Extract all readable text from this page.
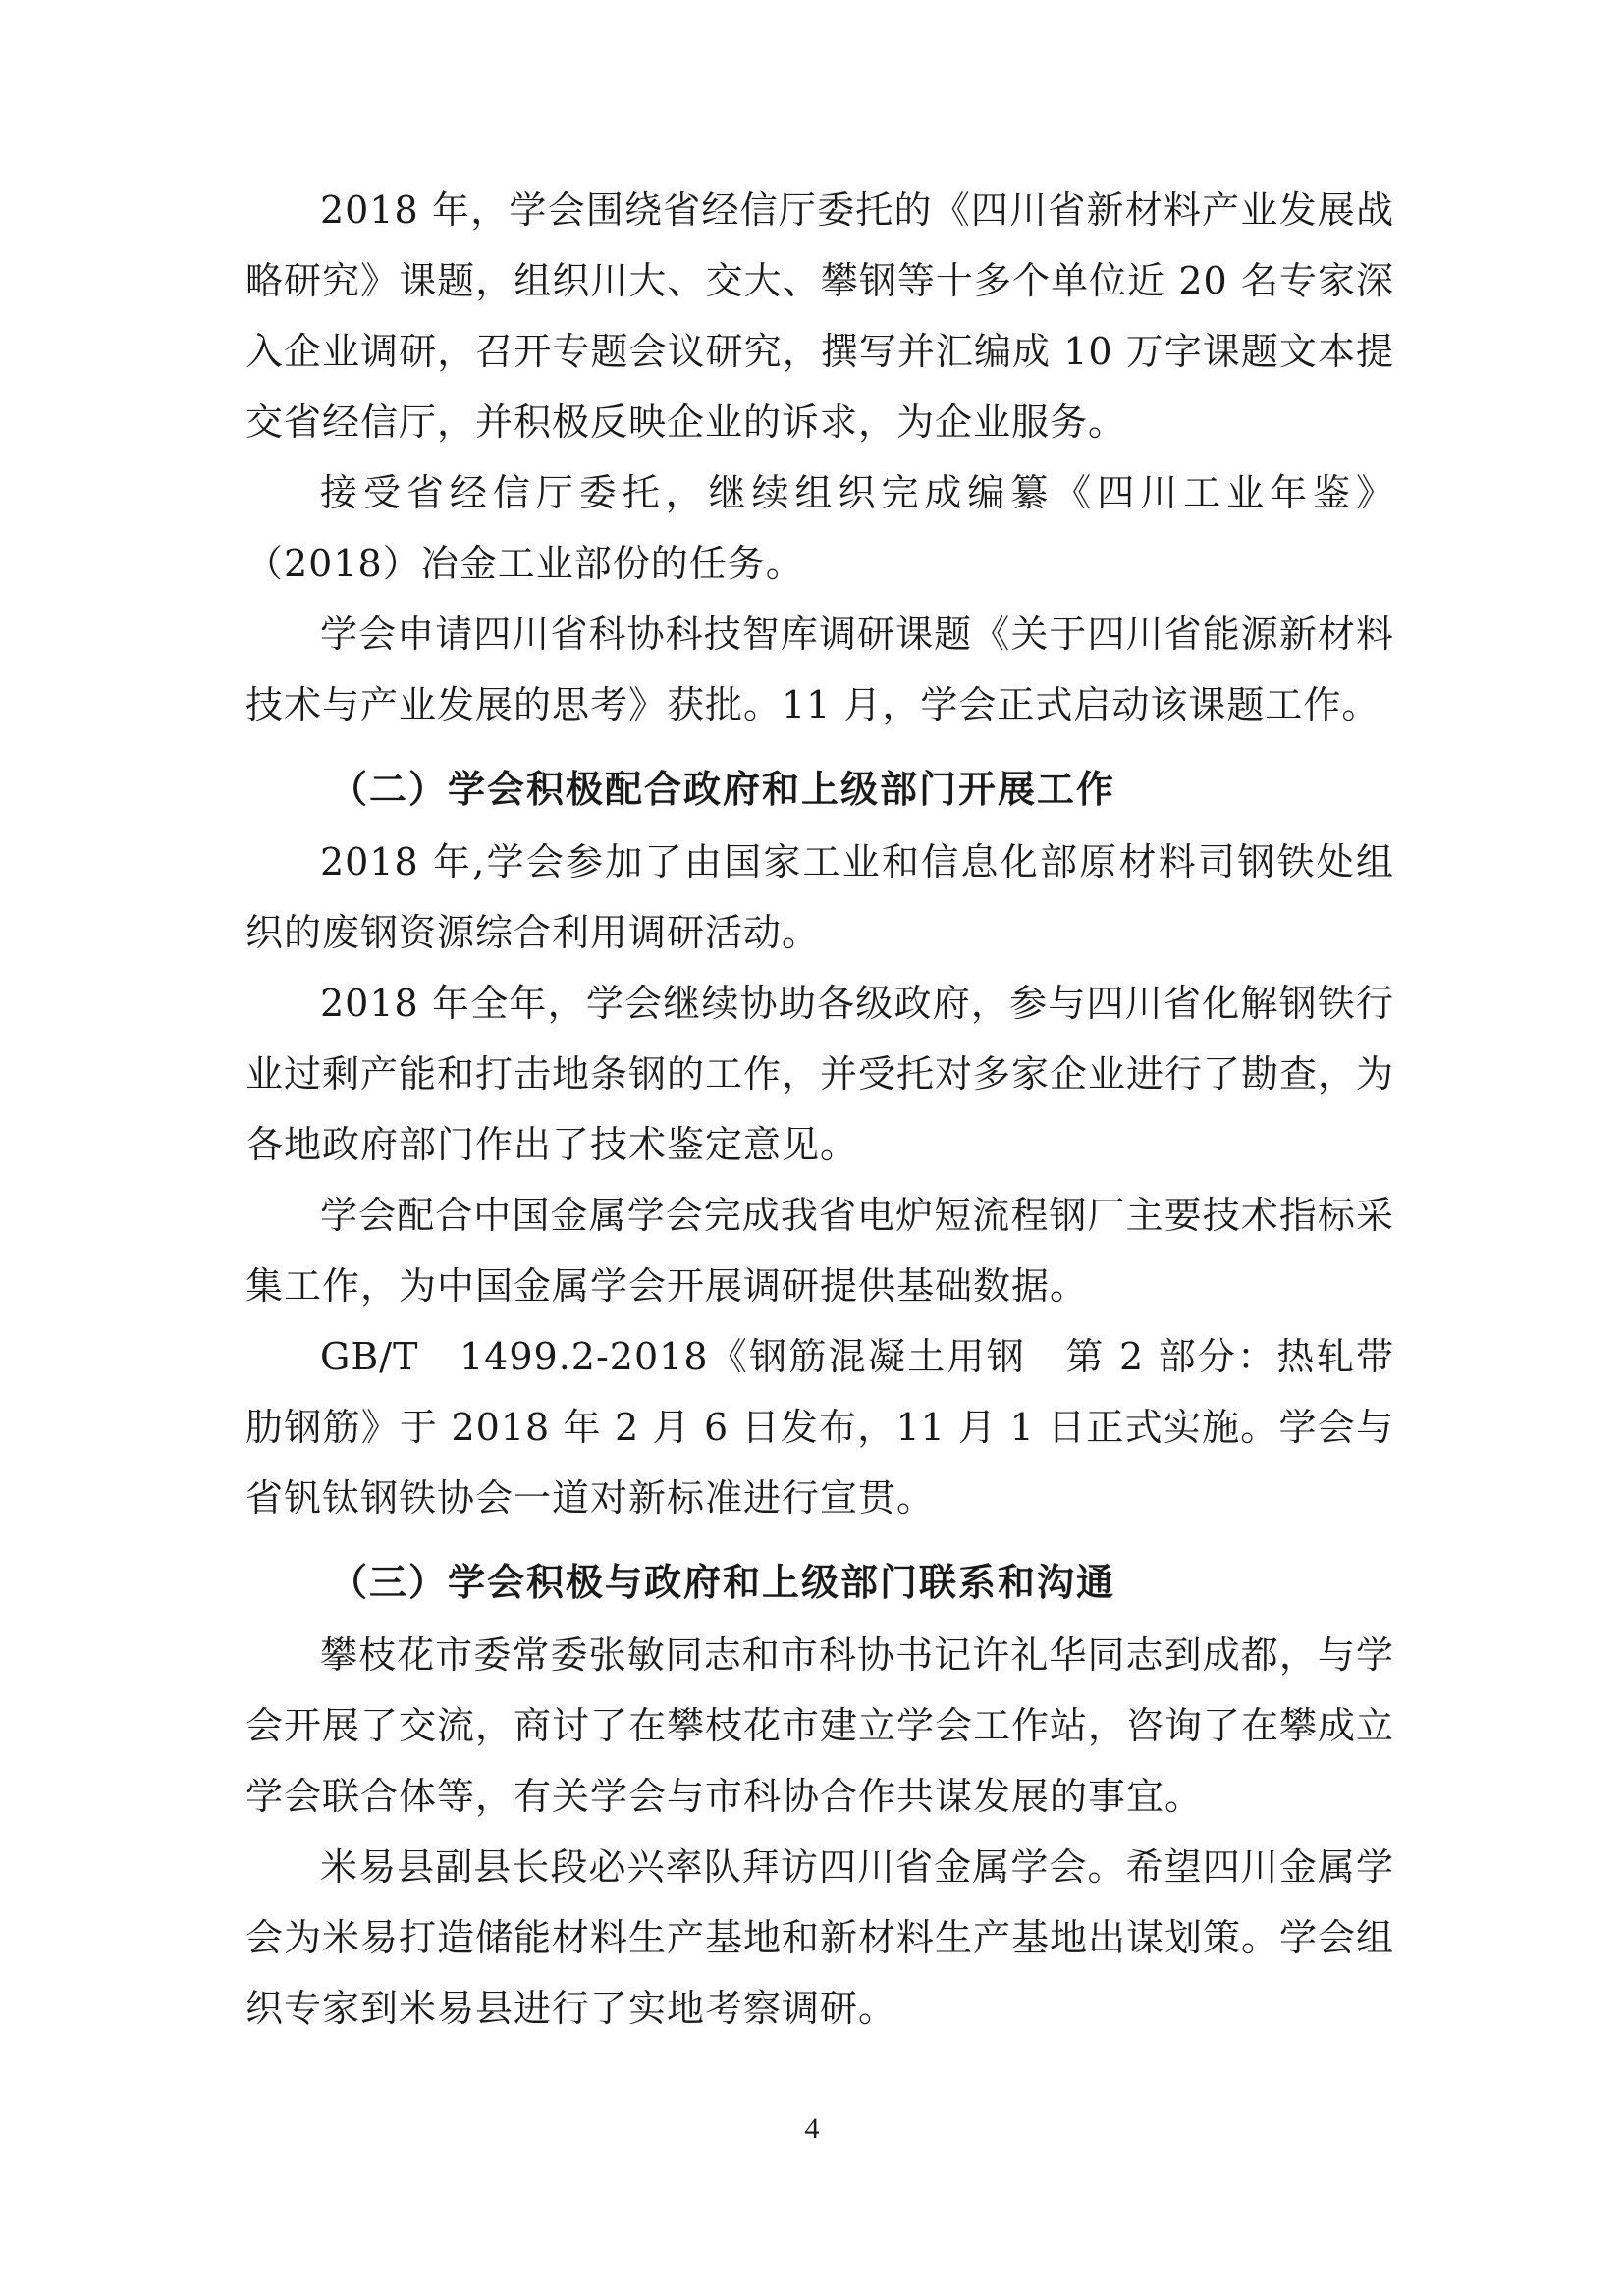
2018 年，学会围绕省经信厅委托的《四川省新材料产业发展战略研究》课题，组织川大、交大、攀钢等十多个单位近 20 名专家深入企业调研，召开专题会议研究，撰写并汇编成 10 万字课题文本提交省经信厅，并积极反映企业的诉求，为企业服务。

接受省经信厅委托，继续组织完成编纂《四川工业年鉴》（2018）冶金工业部份的任务。

学会申请四川省科协科技智库调研课题《关于四川省能源新材料技术与产业发展的思考》获批。11 月，学会正式启动该课题工作。

（二）学会积极配合政府和上级部门开展工作

2018 年,学会参加了由国家工业和信息化部原材料司钢铁处组织的废钢资源综合利用调研活动。

2018 年全年，学会继续协助各级政府，参与四川省化解钢铁行业过剩产能和打击地条钢的工作，并受托对多家企业进行了勘查，为各地政府部门作出了技术鉴定意见。

学会配合中国金属学会完成我省电炉短流程钢厂主要技术指标采集工作，为中国金属学会开展调研提供基础数据。

GB/T　1499.2-2018《钢筋混凝土用钢　第 2 部分：热轧带肋钢筋》于 2018 年 2 月 6 日发布，11 月 1 日正式实施。学会与省钒钛钢铁协会一道对新标准进行宣贯。

（三）学会积极与政府和上级部门联系和沟通

攀枝花市委常委张敏同志和市科协书记许礼华同志到成都，与学会开展了交流，商讨了在攀枝花市建立学会工作站，咨询了在攀成立学会联合体等，有关学会与市科协合作共谋发展的事宜。

米易县副县长段必兴率队拜访四川省金属学会。希望四川金属学会为米易打造储能材料生产基地和新材料生产基地出谋划策。学会组织专家到米易县进行了实地考察调研。

4
